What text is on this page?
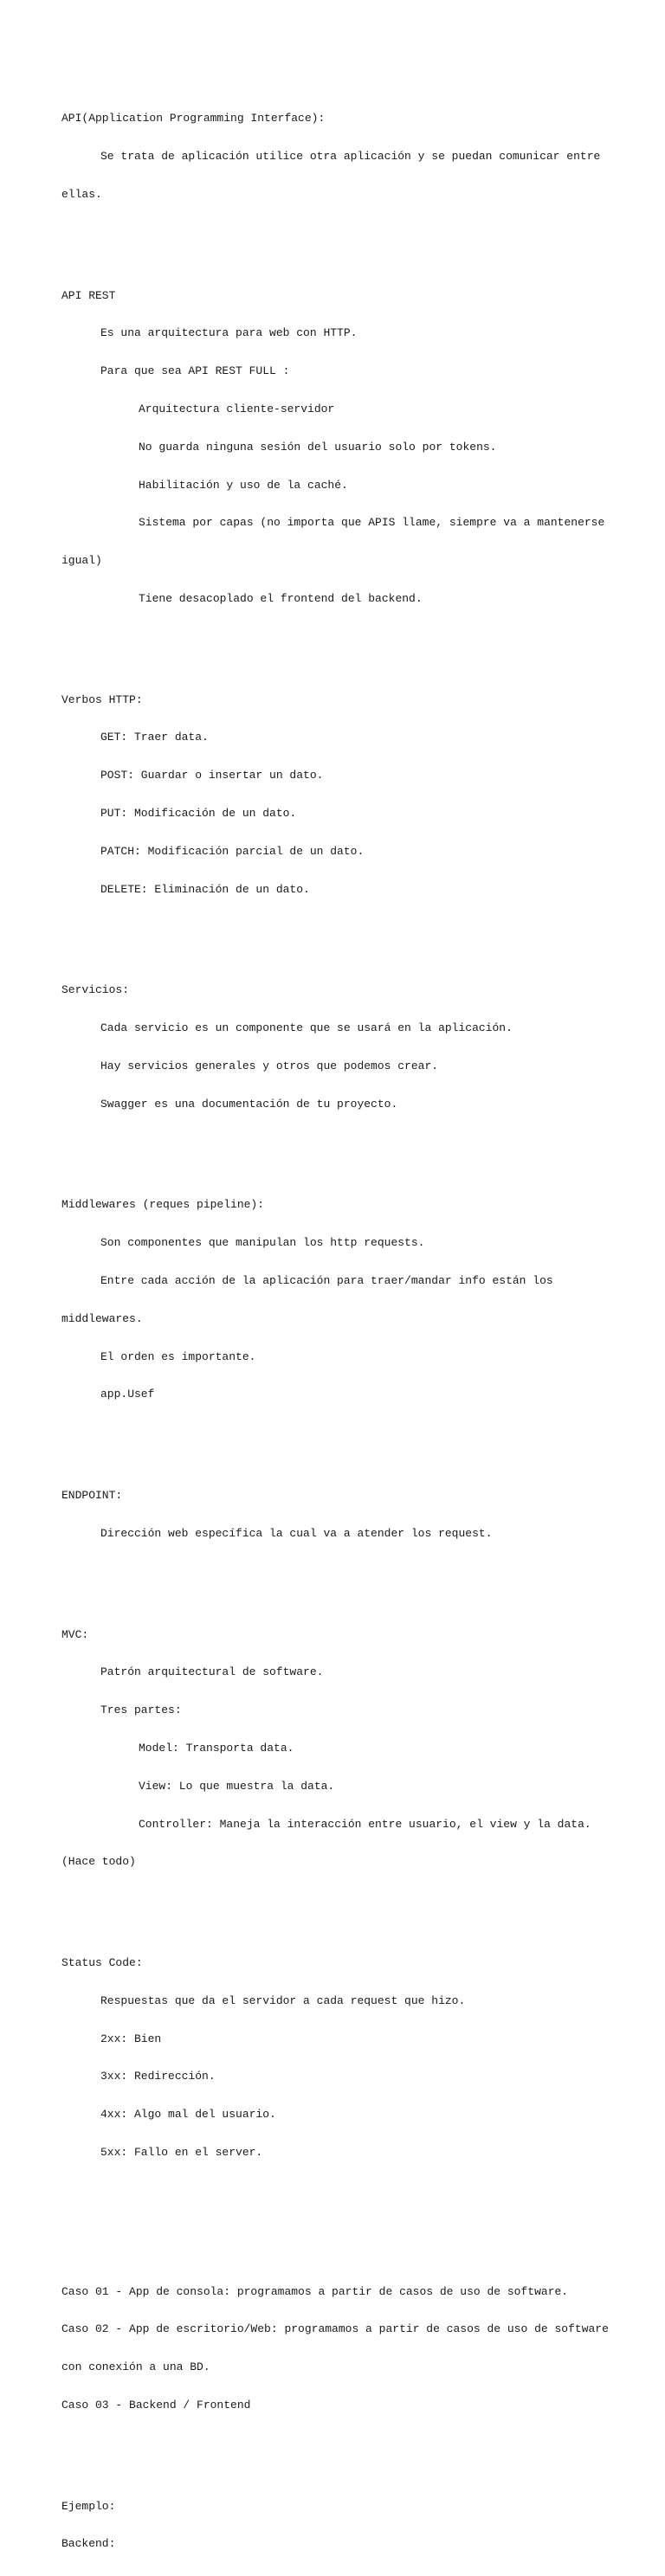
API(Application Programming Interface):

Se trata de aplicación utilice otra aplicación y se puedan comunicar entre

ellas.

API REST

Es una arquitectura para web con HTTP.

Para que sea API REST FULL :

Arquitectura cliente-servidor

No guarda ninguna sesión del usuario solo por tokens.

Habilitación y uso de la caché.

Sistema por capas (no importa que APIS llame, siempre va a mantenerse

igual)

Tiene desacoplado el frontend del backend.

Verbos HTTP:

GET: Traer data.

POST: Guardar o insertar un dato.

PUT: Modificación de un dato.

PATCH: Modificación parcial de un dato.

DELETE: Eliminación de un dato.

Servicios:

Cada servicio es un componente que se usará en la aplicación.

Hay servicios generales y otros que podemos crear.

Swagger es una documentación de tu proyecto.

Middlewares (reques pipeline):

Son componentes que manipulan los http requests.

Entre cada acción de la aplicación para traer/mandar info están los

middlewares.

El orden es importante.

app.Usef

ENDPOINT:

Dirección web específica la cual va a atender los request.

MVC:

Patrón arquitectural de software.

Tres partes:

Model: Transporta data.

View: Lo que muestra la data.

Controller: Maneja la interacción entre usuario, el view y la data.

(Hace todo)

Status Code:

Respuestas que da el servidor a cada request que hizo.

2xx: Bien

3xx: Redirección.

4xx: Algo mal del usuario.

5xx: Fallo en el server.

Caso 01 - App de consola: programamos a partir de casos de uso de software.

Caso 02 - App de escritorio/Web: programamos a partir de casos de uso de software

con conexión a una BD.

Caso 03 - Backend / Frontend

Ejemplo:

Backend:
